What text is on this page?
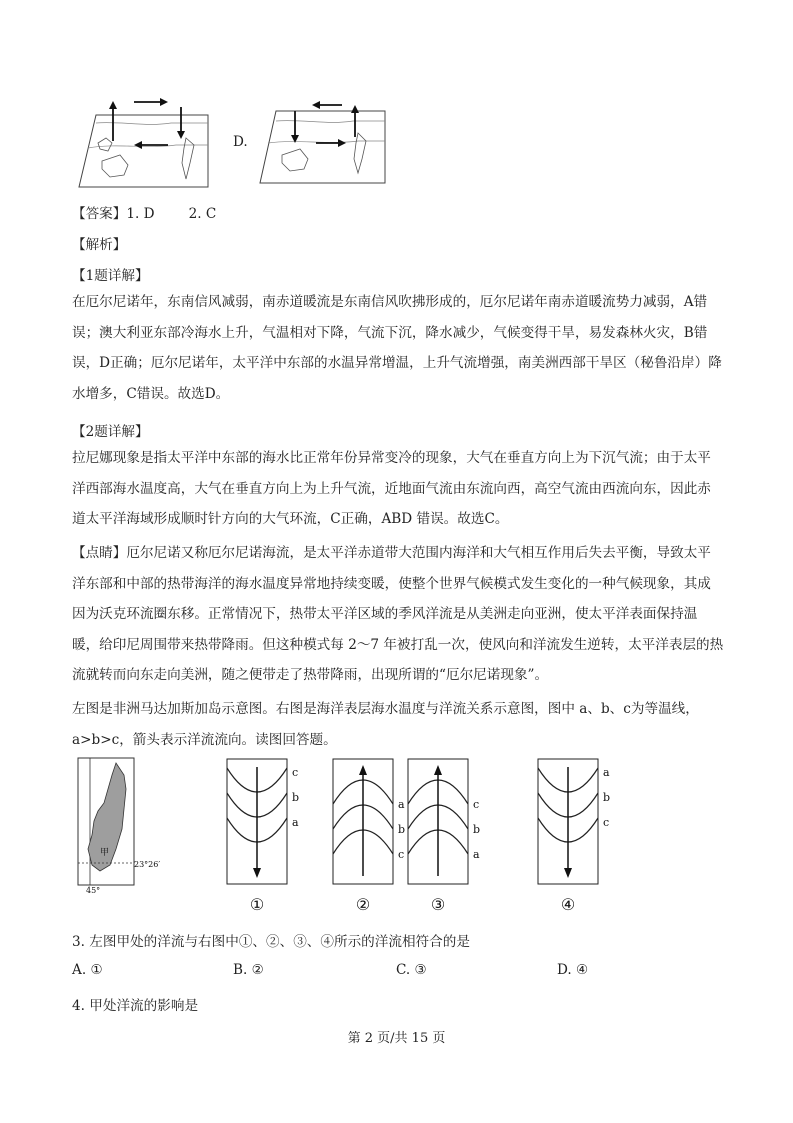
D.
【答案】1. D	2. C
【解析】
【1题详解】
在厄尔尼诺年，东南信风减弱，南赤道暖流是东南信风吹拂形成的，厄尔尼诺年南赤道暖流势力减弱，A错误；澳大利亚东部冷海水上升，气温相对下降，气流下沉，降水减少，气候变得干旱，易发森林火灾，B错误，D正确；厄尔尼诺年，太平洋中东部的水温异常增温，上升气流增强，南美洲西部干旱区（秘鲁沿岸）降水增多，C错误。故选D。
【2题详解】
拉尼娜现象是指太平洋中东部的海水比正常年份异常变冷的现象，大气在垂直方向上为下沉气流；由于太平洋西部海水温度高，大气在垂直方向上为上升气流，近地面气流由东流向西，高空气流由西流向东，因此赤道太平洋海域形成顺时针方向的大气环流，C正确，ABD 错误。故选C。
【点睛】厄尔尼诺又称厄尔尼诺海流，是太平洋赤道带大范围内海洋和大气相互作用后失去平衡，导致太平洋东部和中部的热带海洋的海水温度异常地持续变暖，使整个世界气候模式发生变化的一种气候现象，其成因为沃克环流圈东移。正常情况下，热带太平洋区域的季风洋流是从美洲走向亚洲，使太平洋表面保持温暖，给印尼周围带来热带降雨。但这种模式每 2～7 年被打乱一次，使风向和洋流发生逆转，太平洋表层的热流就转而向东走向美洲，随之便带走了热带降雨，出现所谓的“厄尔尼诺现象”。
左图是非洲马达加斯加岛示意图。右图是海洋表层海水温度与洋流关系示意图，图中 a、b、c为等温线，a>b>c，箭头表示洋流流向。读图回答题。
甲
23°26′
45°
c
b
a
①
a
b
c
②
c
b
a
③
a
b
c
④
3. 左图甲处的洋流与右图中①、②、③、④所示的洋流相符合的是
A. ①	B. ②	C. ③	D. ④
4. 甲处洋流的影响是
第 2 页/共 15 页
